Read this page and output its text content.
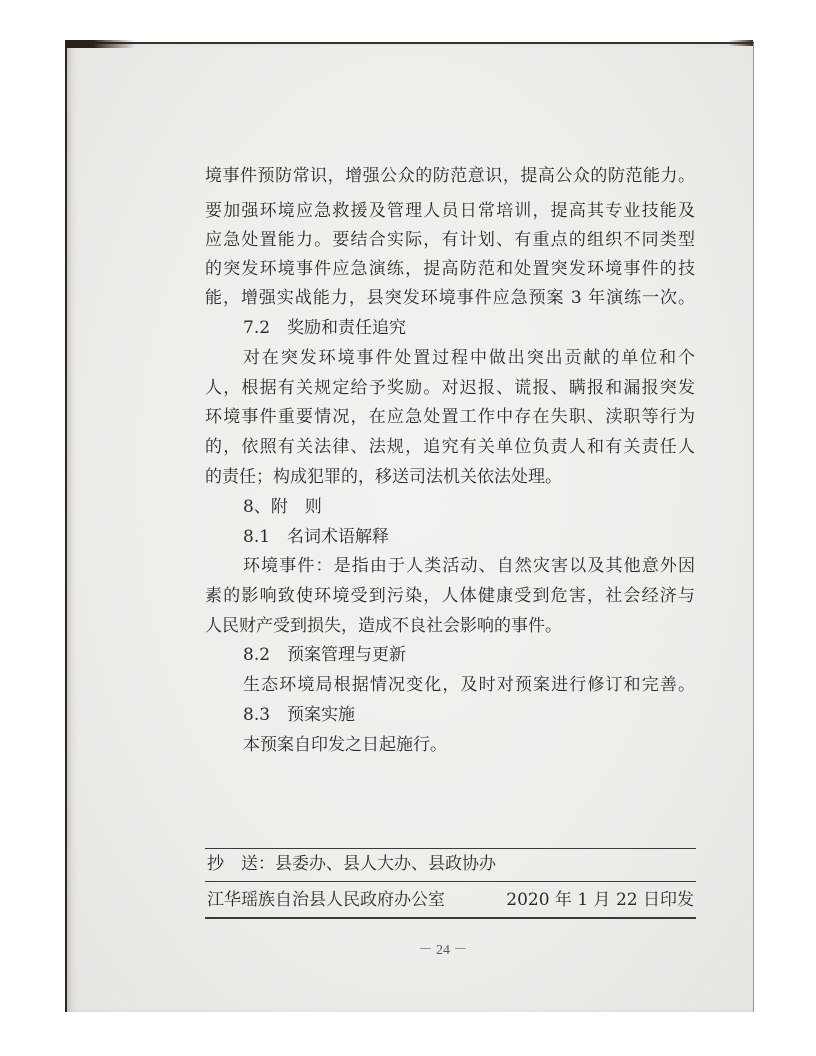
境事件预防常识，增强公众的防范意识，提高公众的防范能力。
要加强环境应急救援及管理人员日常培训，提高其专业技能及
应急处置能力。要结合实际，有计划、有重点的组织不同类型
的突发环境事件应急演练，提高防范和处置突发环境事件的技
能，增强实战能力，县突发环境事件应急预案 3 年演练一次。
7.2　奖励和责任追究
对在突发环境事件处置过程中做出突出贡献的单位和个
人，根据有关规定给予奖励。对迟报、谎报、瞒报和漏报突发
环境事件重要情况，在应急处置工作中存在失职、渎职等行为
的，依照有关法律、法规，追究有关单位负责人和有关责任人
的责任；构成犯罪的，移送司法机关依法处理。
8、附　则
8.1　名词术语解释
环境事件：是指由于人类活动、自然灾害以及其他意外因
素的影响致使环境受到污染，人体健康受到危害，社会经济与
人民财产受到损失，造成不良社会影响的事件。
8.2　预案管理与更新
生态环境局根据情况变化，及时对预案进行修订和完善。
8.3　预案实施
本预案自印发之日起施行。
抄　送：县委办、县人大办、县政协办
江华瑶族自治县人民政府办公室	2020 年 1 月 22 日印发
－ 24 －
